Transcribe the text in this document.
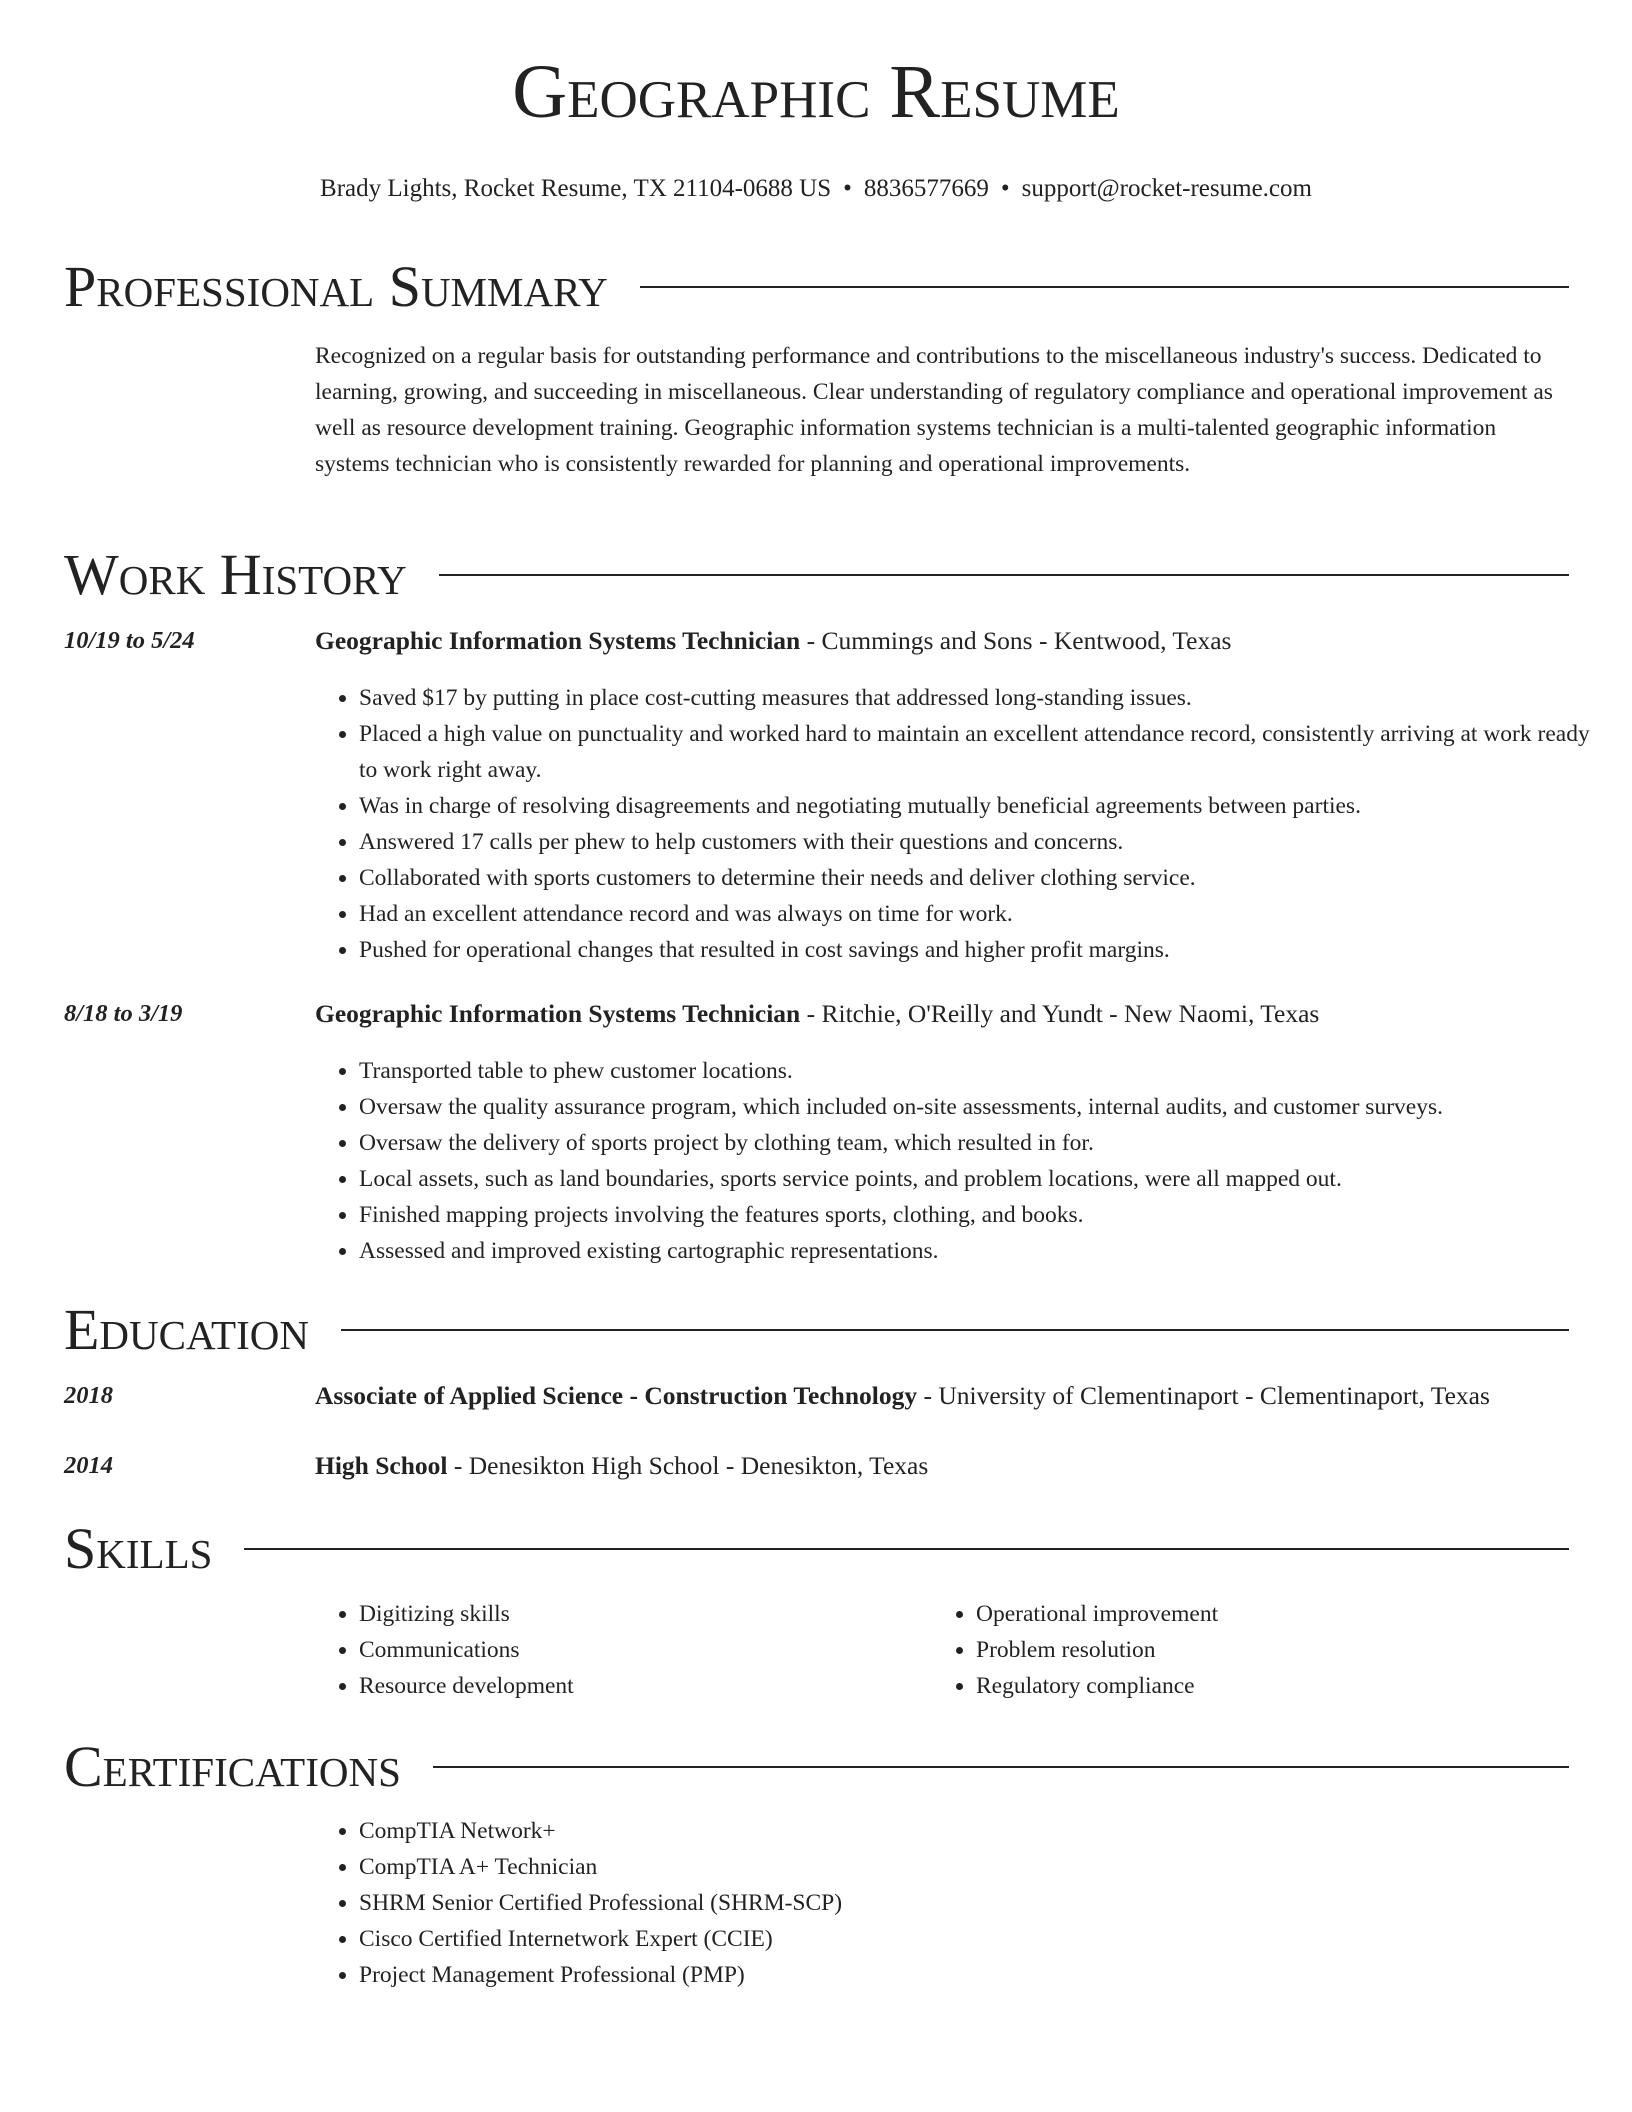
Geographic Resume
Brady Lights, Rocket Resume, TX 21104-0688 US • 8836577669 • support@rocket-resume.com
Professional Summary

Recognized on a regular basis for outstanding performance and contributions to the miscellaneous industry's success. Dedicated to learning, growing, and succeeding in miscellaneous. Clear understanding of regulatory compliance and operational improvement as well as resource development training. Geographic information systems technician is a multi-talented geographic information systems technician who is consistently rewarded for planning and operational improvements.

Work History
10/19 to 5/24	Geographic Information Systems Technician - Cummings and Sons - Kentwood, Texas
• Saved $17 by putting in place cost-cutting measures that addressed long-standing issues.
• Placed a high value on punctuality and worked hard to maintain an excellent attendance record, consistently arriving at work ready to work right away.
• Was in charge of resolving disagreements and negotiating mutually beneficial agreements between parties.
• Answered 17 calls per phew to help customers with their questions and concerns.
• Collaborated with sports customers to determine their needs and deliver clothing service.
• Had an excellent attendance record and was always on time for work.
• Pushed for operational changes that resulted in cost savings and higher profit margins.
8/18 to 3/19	Geographic Information Systems Technician - Ritchie, O'Reilly and Yundt - New Naomi, Texas
• Transported table to phew customer locations.
• Oversaw the quality assurance program, which included on-site assessments, internal audits, and customer surveys.
• Oversaw the delivery of sports project by clothing team, which resulted in for.
• Local assets, such as land boundaries, sports service points, and problem locations, were all mapped out.
• Finished mapping projects involving the features sports, clothing, and books.
• Assessed and improved existing cartographic representations.
Education
2018	Associate of Applied Science - Construction Technology - University of Clementinaport - Clementinaport, Texas
2014	High School - Denesikton High School - Denesikton, Texas
Skills
• Digitizing skills
• Communications
• Resource development
• Operational improvement
• Problem resolution
• Regulatory compliance
Certifications
• CompTIA Network+
• CompTIA A+ Technician
• SHRM Senior Certified Professional (SHRM-SCP)
• Cisco Certified Internetwork Expert (CCIE)
• Project Management Professional (PMP)
